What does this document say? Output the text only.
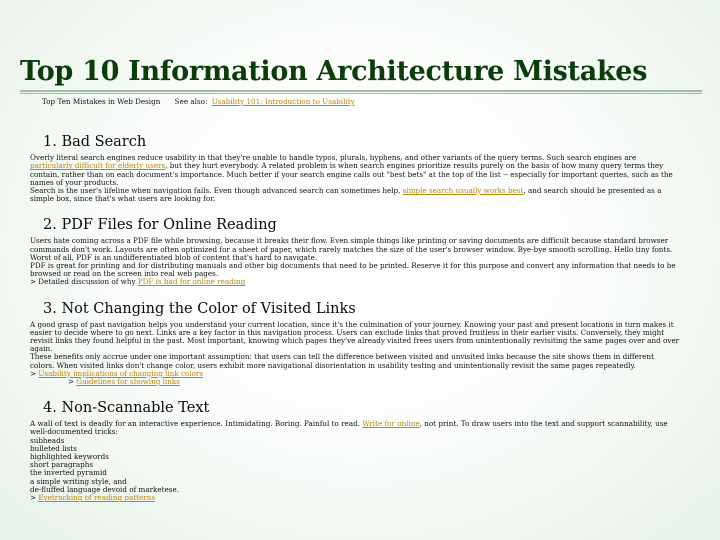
Top 10 Information Architecture Mistakes
Top Ten Mistakes in Web Design See also: Usability 101: Introduction to Usability
1. Bad Search

Overly literal search engines reduce usability in that they're unable to handle typos, plurals, hyphens, and other variants of the query terms. Such search engines are particularly difficult for elderly users, but they hurt everybody. A related problem is when search engines prioritize results purely on the basis of how many query terms they contain, rather than on each document's importance. Much better if your search engine calls out "best bets" at the top of the list -- especially for important queries, such as the names of your products.

Search is the user's lifeline when navigation fails. Even though advanced search can sometimes help, simple search usually works best, and search should be presented as a simple box, since that's what users are looking for.

2. PDF Files for Online Reading

Users hate coming across a PDF file while browsing, because it breaks their flow. Even simple things like printing or saving documents are difficult because standard browser commands don't work. Layouts are often optimized for a sheet of paper, which rarely matches the size of the user's browser window. Bye-bye smooth scrolling. Hello tiny fonts. Worst of all, PDF is an undifferentiated blob of content that's hard to navigate.

PDF is great for printing and for distributing manuals and other big documents that need to be printed. Reserve it for this purpose and convert any information that needs to be browsed or read on the screen into real web pages.

> Detailed discussion of why PDF is bad for online reading

3. Not Changing the Color of Visited Links

A good grasp of past navigation helps you understand your current location, since it's the culmination of your journey. Knowing your past and present locations in turn makes it easier to decide where to go next. Links are a key factor in this navigation process. Users can exclude links that proved fruitless in their earlier visits. Conversely, they might revisit links they found helpful in the past. Most important, knowing which pages they've already visited frees users from unintentionally revisiting the same pages over and over again.

These benefits only accrue under one important assumption: that users can tell the difference between visited and unvisited links because the site shows them in different colors. When visited links don't change color, users exhibit more navigational disorientation in usability testing and unintentionally revisit the same pages repeatedly.

> Usability implications of changing link colors

> Guidelines for showing links

4. Non-Scannable Text

A wall of text is deadly for an interactive experience. Intimidating. Boring. Painful to read. Write for online, not print. To draw users into the text and support scannability, use well-documented tricks:

subheads
bulleted lists
highlighted keywords
short paragraphs
the inverted pyramid
a simple writing style, and
de-fluffed language devoid of marketese.

> Eyetracking of reading patterns
